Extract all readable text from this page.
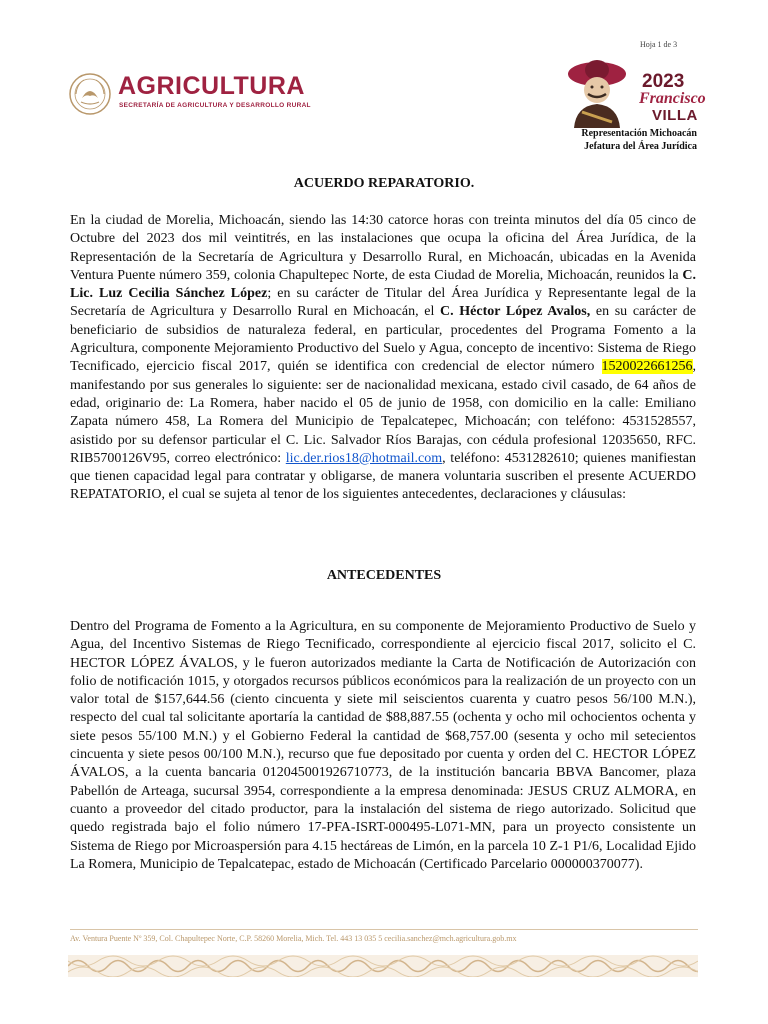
Hoja 1 de 3
AGRICULTURA
SECRETARÍA DE AGRICULTURA Y DESARROLLO RURAL
2023
Francisco
VILLA
Representación Michoacán
Jefatura del Área Jurídica
ACUERDO REPARATORIO.

En la ciudad de Morelia, Michoacán, siendo las 14:30 catorce horas con treinta minutos del día 05 cinco de Octubre del 2023 dos mil veintitrés, en las instalaciones que ocupa la oficina del Área Jurídica, de la Representación de la Secretaría de Agricultura y Desarrollo Rural, en Michoacán, ubicadas en la Avenida Ventura Puente número 359, colonia Chapultepec Norte, de esta Ciudad de Morelia, Michoacán, reunidos la C. Lic. Luz Cecilia Sánchez López; en su carácter de Titular del Área Jurídica y Representante legal de la Secretaría de Agricultura y Desarrollo Rural en Michoacán, el C. Héctor López Avalos, en su carácter de beneficiario de subsidios de naturaleza federal, en particular, procedentes del Programa Fomento a la Agricultura, componente Mejoramiento Productivo del Suelo y Agua, concepto de incentivo: Sistema de Riego Tecnificado, ejercicio fiscal 2017, quién se identifica con credencial de elector número 1520022661256, manifestando por sus generales lo siguiente: ser de nacionalidad mexicana, estado civil casado, de 64 años de edad, originario de: La Romera, haber nacido el 05 de junio de 1958, con domicilio en la calle: Emiliano Zapata número 458, La Romera del Municipio de Tepalcatepec, Michoacán; con teléfono: 4531528557, asistido por su defensor particular el C. Lic. Salvador Ríos Barajas, con cédula profesional 12035650, RFC. RIB5700126V95, correo electrónico: lic.der.rios18@hotmail.com, teléfono: 4531282610; quienes manifiestan que tienen capacidad legal para contratar y obligarse, de manera voluntaria suscriben el presente ACUERDO REPATATORIO, el cual se sujeta al tenor de los siguientes antecedentes, declaraciones y cláusulas:

ANTECEDENTES

Dentro del Programa de Fomento a la Agricultura, en su componente de Mejoramiento Productivo de Suelo y Agua, del Incentivo Sistemas de Riego Tecnificado, correspondiente al ejercicio fiscal 2017, solicito el C. HECTOR LÓPEZ ÁVALOS, y le fueron autorizados mediante la Carta de Notificación de Autorización con folio de notificación 1015, y otorgados recursos públicos económicos para la realización de un proyecto con un valor total de $157,644.56 (ciento cincuenta y siete mil seiscientos cuarenta y cuatro pesos 56/100 M.N.), respecto del cual tal solicitante aportaría la cantidad de $88,887.55 (ochenta y ocho mil ochocientos ochenta y siete pesos 55/100 M.N.) y el Gobierno Federal la cantidad de $68,757.00 (sesenta y ocho mil setecientos cincuenta y siete pesos 00/100 M.N.), recurso que fue depositado por cuenta y orden del C. HECTOR LÓPEZ ÁVALOS, a la cuenta bancaria 012045001926710773, de la institución bancaria BBVA Bancomer, plaza Pabellón de Arteaga, sucursal 3954, correspondiente a la empresa denominada: JESUS CRUZ ALMORA, en cuanto a proveedor del citado productor, para la instalación del sistema de riego autorizado. Solicitud que quedo registrada bajo el folio número 17-PFA-ISRT-000495-L071-MN, para un proyecto consistente un Sistema de Riego por Microaspersión para 4.15 hectáreas de Limón, en la parcela 10 Z-1 P1/6, Localidad Ejido La Romera, Municipio de Tepalcatepac, estado de Michoacán (Certificado Parcelario 000000370077).

Av. Ventura Puente Nº 359, Col. Chapultepec Norte, C.P. 58260 Morelia, Mich. Tel. 443 13 035 5 cecilia.sanchez@mch.agricultura.gob.mx
